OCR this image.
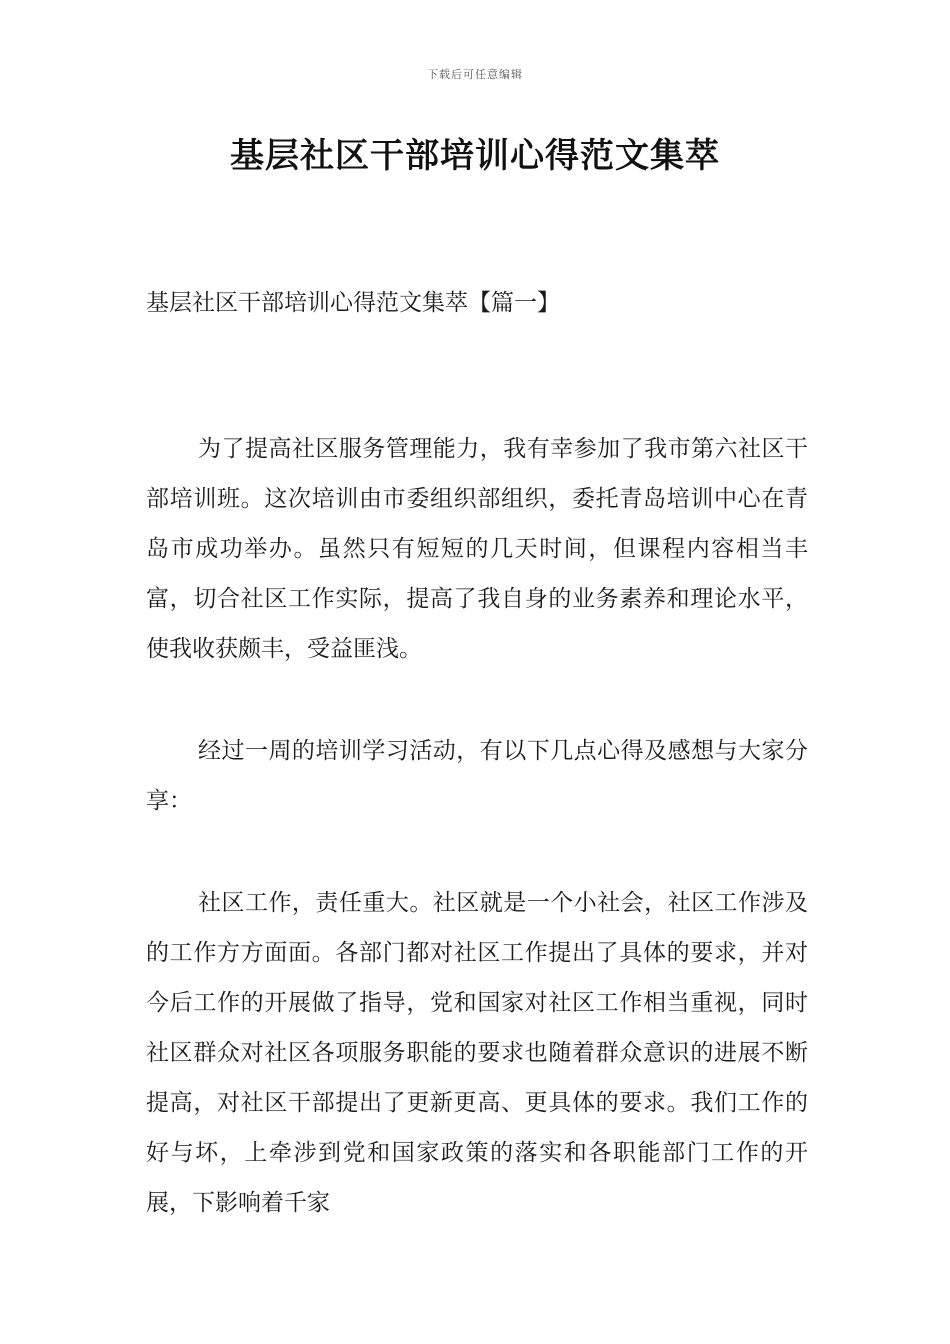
下载后可任意编辑
基层社区干部培训心得范文集萃
基层社区干部培训心得范文集萃【篇一】

为了提高社区服务管理能力，我有幸参加了我市第六社区干部培训班。这次培训由市委组织部组织，委托青岛培训中心在青岛市成功举办。虽然只有短短的几天时间，但课程内容相当丰富，切合社区工作实际，提高了我自身的业务素养和理论水平，使我收获颇丰，受益匪浅。

经过一周的培训学习活动，有以下几点心得及感想与大家分享：

社区工作，责任重大。社区就是一个小社会，社区工作涉及的工作方方面面。各部门都对社区工作提出了具体的要求，并对今后工作的开展做了指导，党和国家对社区工作相当重视，同时社区群众对社区各项服务职能的要求也随着群众意识的进展不断提高，对社区干部提出了更新更高、更具体的要求。我们工作的好与坏，上牵涉到党和国家政策的落实和各职能部门工作的开展，下影响着千家
